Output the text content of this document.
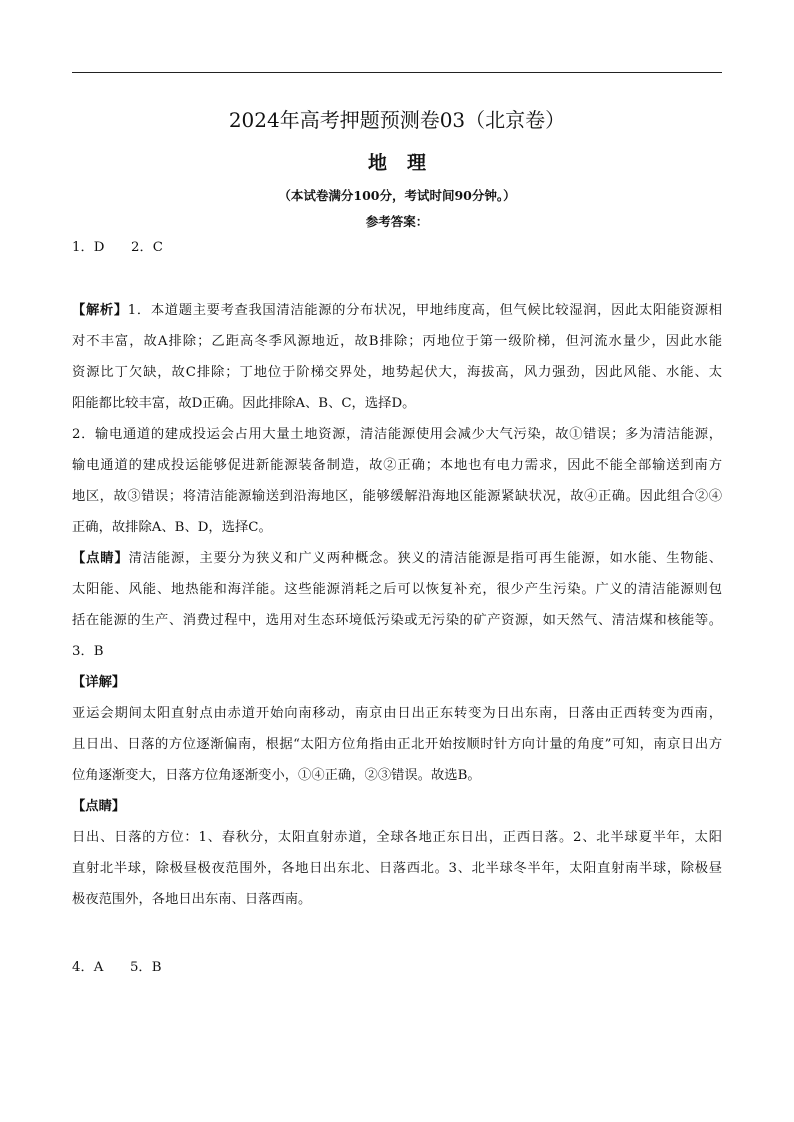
2024年高考押题预测卷03（北京卷）
地理
（本试卷满分100分，考试时间90分钟。）
参考答案：
1．D　　2．C
【解析】1．本道题主要考查我国清洁能源的分布状况，甲地纬度高，但气候比较湿润，因此太阳能资源相
对不丰富，故A排除；乙距高冬季风源地近，故B排除；丙地位于第一级阶梯，但河流水量少，因此水能
资源比丁欠缺，故C排除；丁地位于阶梯交界处，地势起伏大，海拔高，风力强劲，因此风能、水能、太
阳能都比较丰富，故D正确。因此排除A、B、C，选择D。
2．输电通道的建成投运会占用大量土地资源，清洁能源使用会减少大气污染，故①错误；多为清洁能源，
输电通道的建成投运能够促进新能源装备制造，故②正确；本地也有电力需求，因此不能全部输送到南方
地区，故③错误；将清洁能源输送到沿海地区，能够缓解沿海地区能源紧缺状况，故④正确。因此组合②④
正确，故排除A、B、D，选择C。
【点睛】清洁能源，主要分为狭义和广义两种概念。狭义的清洁能源是指可再生能源，如水能、生物能、
太阳能、风能、地热能和海洋能。这些能源消耗之后可以恢复补充，很少产生污染。广义的清洁能源则包
括在能源的生产、消费过程中，选用对生态环境低污染或无污染的矿产资源，如天然气、清洁煤和核能等。
3．B
【详解】
亚运会期间太阳直射点由赤道开始向南移动，南京由日出正东转变为日出东南，日落由正西转变为西南，
且日出、日落的方位逐渐偏南，根据“太阳方位角指由正北开始按顺时针方向计量的角度”可知，南京日出方
位角逐渐变大，日落方位角逐渐变小，①④正确，②③错误。故选B。
【点睛】
日出、日落的方位：1、春秋分，太阳直射赤道，全球各地正东日出，正西日落。2、北半球夏半年，太阳
直射北半球，除极昼极夜范围外，各地日出东北、日落西北。3、北半球冬半年，太阳直射南半球，除极昼
极夜范围外，各地日出东南、日落西南。
4．A　　5．B
